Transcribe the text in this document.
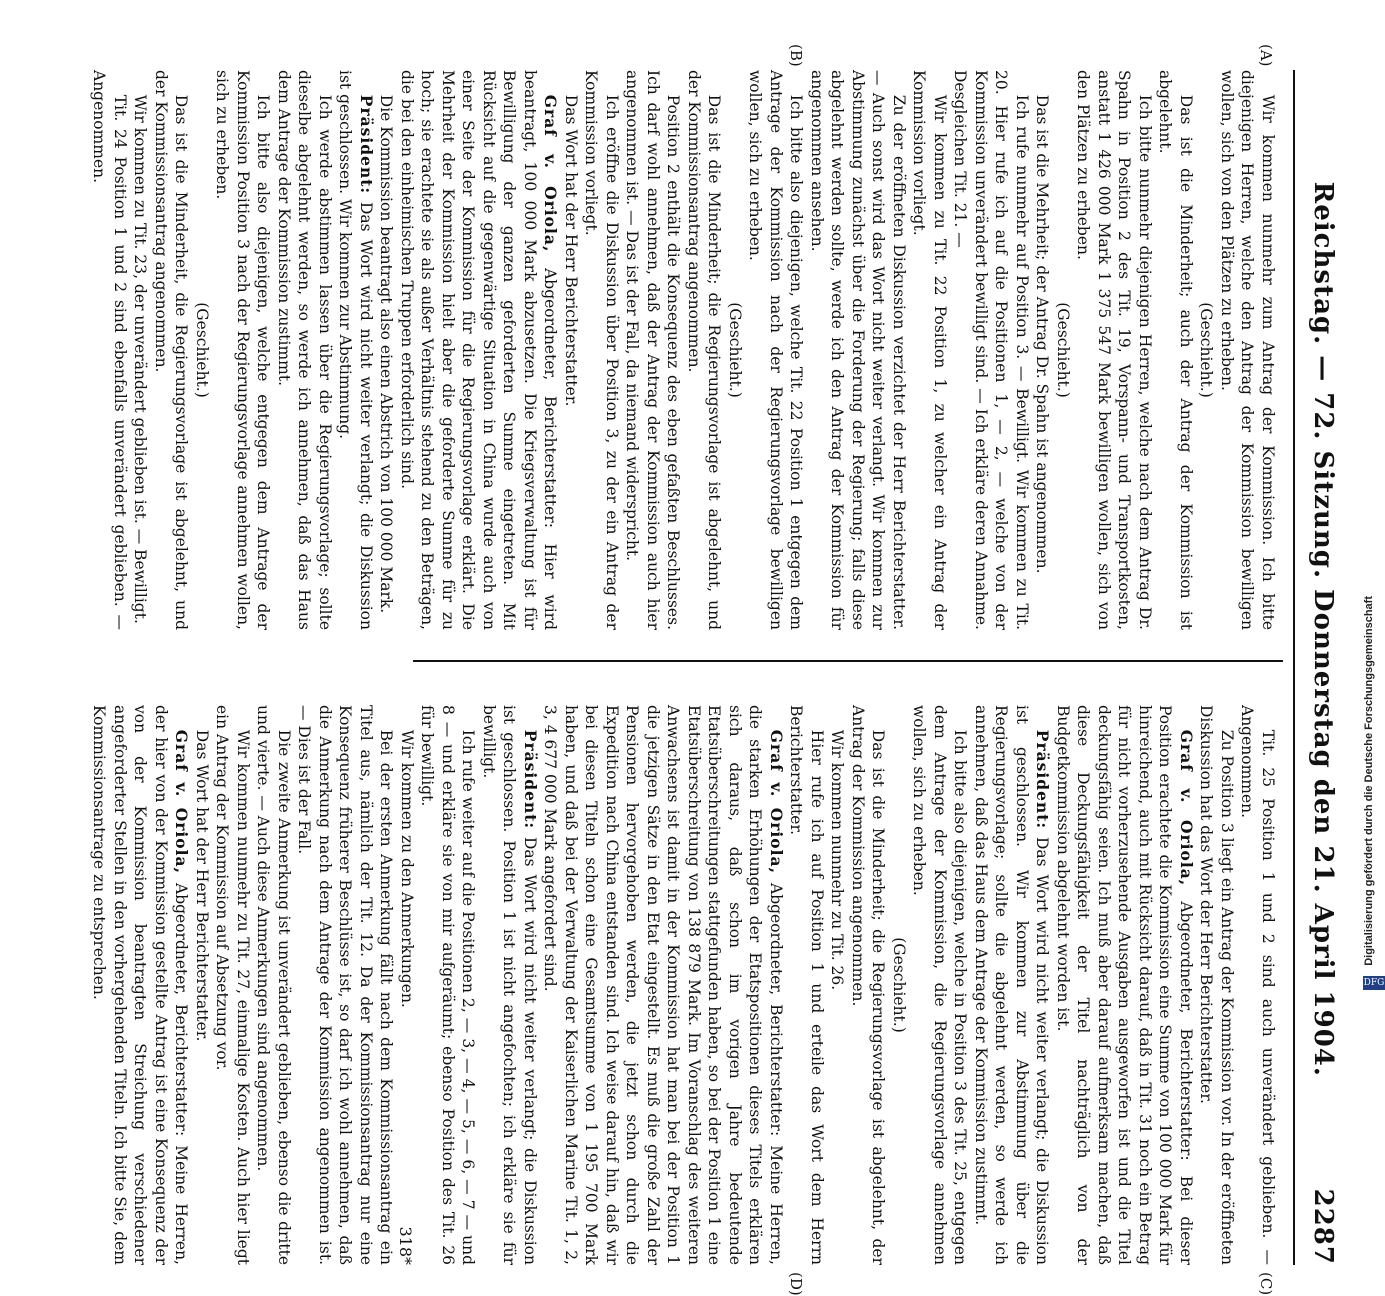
Reichstag. — 72. Sitzung. Donnerstag den 21. April 1904.
2287
(A)
(B)
(C)
(D)

Wir kommen nunmehr zum Antrag der Kommission. Ich bitte diejenigen Herren, welche den Antrag der Kommission bewilligen wollen, sich von den Plätzen zu erheben.

(Geschieht.)

Das ist die Minderheit; auch der Antrag der Kommission ist abgelehnt.

Ich bitte nunmehr diejenigen Herren, welche nach dem Antrag Dr. Spahn in Position 2 des Tit. 19, Vorspann- und Transportkosten, anstatt 1 426 000 Mark 1 375 547 Mark bewilligen wollen, sich von den Plätzen zu erheben.

(Geschieht.)

Das ist die Mehrheit; der Antrag Dr. Spahn ist angenommen.

Ich rufe nunmehr auf Position 3. — Bewilligt. Wir kommen zu Tit. 20. Hier rufe ich auf die Positionen 1, — 2, — welche von der Kommission unverändert bewilligt sind. — Ich erkläre deren Annahme. Desgleichen Tit. 21. —

Wir kommen zu Tit. 22 Position 1, zu welcher ein Antrag der Kommission vorliegt.

Zu der eröffneten Diskussion verzichtet der Herr Berichterstatter. — Auch sonst wird das Wort nicht weiter verlangt. Wir kommen zur Abstimmung zunächst über die Forderung der Regierung; falls diese abgelehnt werden sollte, werde ich den Antrag der Kommission für angenommen ansehen.

Ich bitte also diejenigen, welche Tit. 22 Position 1 entgegen dem Antrage der Kommission nach der Regierungsvorlage bewilligen wollen, sich zu erheben.

(Geschieht.)

Das ist die Minderheit; die Regierungsvorlage ist abgelehnt, und der Kommissionsantrag angenommen.

Position 2 enthält die Konsequenz des eben gefaßten Beschlusses. Ich darf wohl annehmen, daß der Antrag der Kommission auch hier angenommen ist. — Das ist der Fall, da niemand widerspricht.

Ich eröffne die Diskussion über Position 3, zu der ein Antrag der Kommission vorliegt.

Das Wort hat der Herr Berichterstatter.

Graf v. Oriola, Abgeordneter, Berichterstatter: Hier wird beantragt, 100 000 Mark abzusetzen. Die Kriegsverwaltung ist für Bewilligung der ganzen geforderten Summe eingetreten. Mit Rücksicht auf die gegenwärtige Situation in China wurde auch von einer Seite der Kommission für die Regierungsvorlage erklärt. Die Mehrheit der Kommission hielt aber die geforderte Summe für zu hoch; sie erachtete sie als außer Verhältnis stehend zu den Beträgen, die bei den einheimischen Truppen erforderlich sind.

Die Kommission beantragt also einen Abstrich von 100 000 Mark.

Präsident: Das Wort wird nicht weiter verlangt; die Diskussion ist geschlossen. Wir kommen zur Abstimmung.

Ich werde abstimmen lassen über die Regierungsvorlage; sollte dieselbe abgelehnt werden, so werde ich annehmen, daß das Haus dem Antrage der Kommission zustimmt.

Ich bitte also diejenigen, welche entgegen dem Antrage der Kommission Position 3 nach der Regierungsvorlage annehmen wollen, sich zu erheben.

(Geschieht.)

Das ist die Minderheit, die Regierungsvorlage ist abgelehnt, und der Kommissionsantrag angenommen.

Wir kommen zu Tit. 23, der unverändert geblieben ist. — Bewilligt.

Tit. 24 Position 1 und 2 sind ebenfalls unverändert geblieben. — Angenommen.

Tit. 25 Position 1 und 2 sind auch unverändert geblieben. — Angenommen.

Zu Position 3 liegt ein Antrag der Kommission vor. In der eröffneten Diskussion hat das Wort der Herr Berichterstatter.

Graf v. Oriola, Abgeordneter, Berichterstatter: Bei dieser Position erachtete die Kommission eine Summe von 100 000 Mark für hinreichend, auch mit Rücksicht darauf, daß in Tit. 31 noch ein Betrag für nicht vorherzusehende Ausgaben ausgeworfen ist und die Titel deckungsfähig seien. Ich muß aber darauf aufmerksam machen, daß diese Deckungsfähigkeit der Titel nachträglich von der Budgetkommission abgelehnt worden ist.

Präsident: Das Wort wird nicht weiter verlangt; die Diskussion ist geschlossen. Wir kommen zur Abstimmung über die Regierungsvorlage; sollte die abgelehnt werden, so werde ich annehmen, daß das Haus dem Antrage der Kommission zustimmt.

Ich bitte also diejenigen, welche in Position 3 des Tit. 25, entgegen dem Antrage der Kommission, die Regierungsvorlage annehmen wollen, sich zu erheben.

(Geschieht.)

Das ist die Minderheit; die Regierungsvorlage ist abgelehnt, der Antrag der Kommission angenommen.

Wir kommen nunmehr zu Tit. 26.

Hier rufe ich auf Position 1 und erteile das Wort dem Herrn Berichterstatter.

Graf v. Oriola, Abgeordneter, Berichterstatter: Meine Herren, die starken Erhöhungen der Etatspositionen dieses Titels erklären sich daraus, daß schon im vorigen Jahre bedeutende Etatsüberschreitungen stattgefunden haben, so bei der Position 1 eine Etatsüberschreitung von 138 879 Mark. Im Voranschlag des weiteren Anwachsens ist damit in der Kommission hat man bei der Position 1 die jetzigen Sätze in den Etat eingestellt. Es muß die große Zahl der Pensionen hervorgehoben werden, die jetzt schon durch die Expedition nach China entstanden sind. Ich weise darauf hin, daß wir bei diesen Titeln schon eine Gesamtsumme von 1 195 700 Mark haben, und daß bei der Verwaltung der Kaiserlichen Marine Tit. 1, 2, 3, 4 677 000 Mark angefordert sind.

Präsident: Das Wort wird nicht weiter verlangt; die Diskussion ist geschlossen. Position 1 ist nicht angefochten; ich erkläre sie für bewilligt.

Ich rufe weiter auf die Positionen 2, — 3, — 4, — 5, — 6, — 7 — und 8 — und erkläre sie von mir aufgeräumt; ebenso Position des Tit. 26 für bewilligt.

Wir kommen zu den Anmerkungen.

Bei der ersten Anmerkung fällt nach dem Kommissionsantrag ein Titel aus, nämlich der Tit. 12. Da der Kommissionsantrag nur eine Konsequenz früherer Beschlüsse ist, so darf ich wohl annehmen, daß die Anmerkung nach dem Antrage der Kommission angenommen ist. — Dies ist der Fall.

Die zweite Anmerkung ist unverändert geblieben, ebenso die dritte und vierte. — Auch diese Anmerkungen sind angenommen.

Wir kommen nunmehr zu Tit. 27, einmalige Kosten. Auch hier liegt ein Antrag der Kommission auf Absetzung vor.

Das Wort hat der Herr Berichterstatter.

Graf v. Oriola, Abgeordneter, Berichterstatter: Meine Herren, der hier von der Kommission gestellte Antrag ist eine Konsequenz der von der Kommission beantragten Streichung verschiedener angeforderter Stellen in den vorhergehenden Titeln. Ich bitte Sie, dem Kommissionsantrage zu entsprechen.

318*
Digitalisierung gefördert durch die Deutsche Forschungsgemeinschaft DFG
